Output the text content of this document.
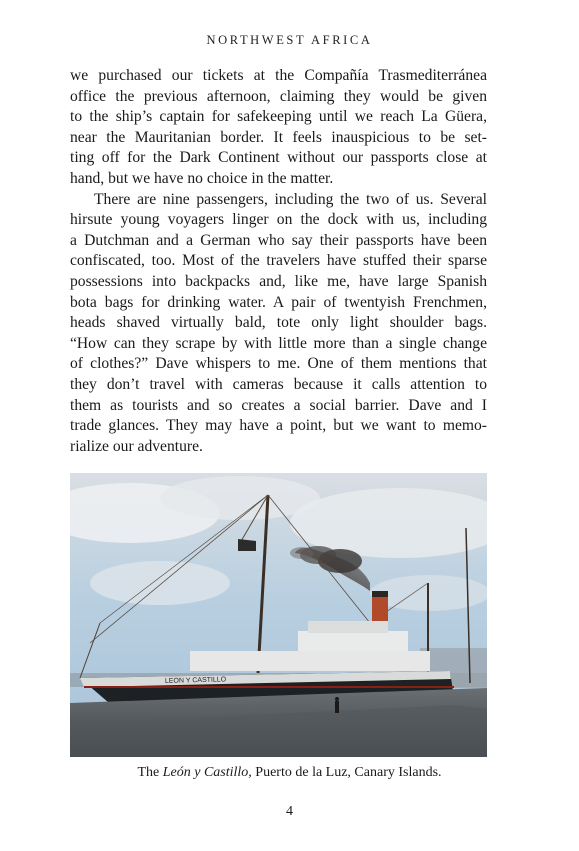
NORTHWEST AFRICA

we purchased our tickets at the Compañía Trasmediterránea
office the previous afternoon, claiming they would be given
to the ship’s captain for safekeeping until we reach La Güera,
near the Mauritanian border. It feels inauspicious to be set-
ting off for the Dark Continent without our passports close at
hand, but we have no choice in the matter.

There are nine passengers, including the two of us. Several
hirsute young voyagers linger on the dock with us, including
a Dutchman and a German who say their passports have been
confiscated, too. Most of the travelers have stuffed their sparse
possessions into backpacks and, like me, have large Spanish
bota bags for drinking water. A pair of twentyish Frenchmen,
heads shaved virtually bald, tote only light shoulder bags.
“How can they scrape by with little more than a single change
of clothes?” Dave whispers to me. One of them mentions that
they don’t travel with cameras because it calls attention to
them as tourists and so creates a social barrier. Dave and I
trade glances. They may have a point, but we want to memo-
rialize our adventure.

LEON Y CASTILLO
The León y Castillo, Puerto de la Luz, Canary Islands.
4
